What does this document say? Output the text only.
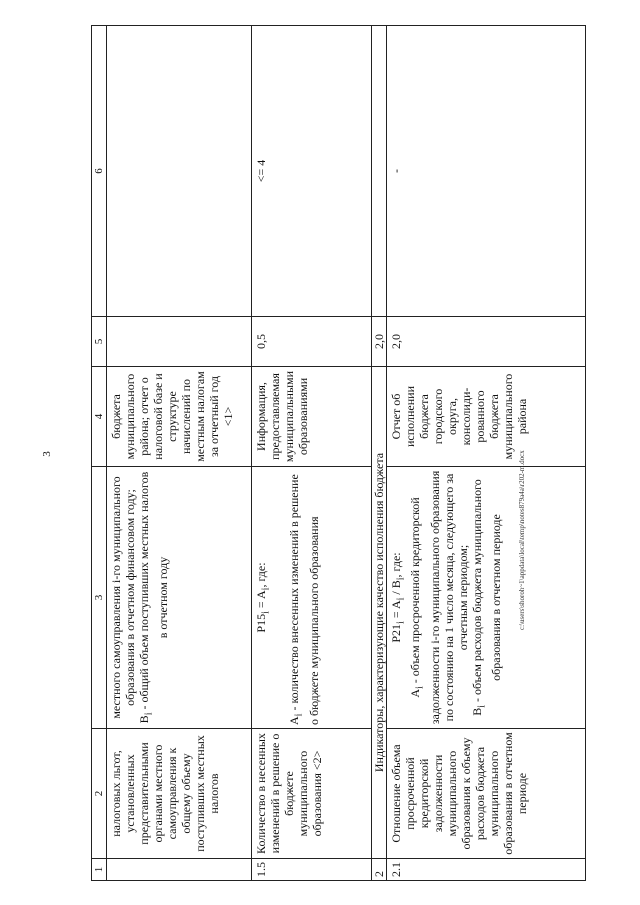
3	c:\users\shoroh~1\appdata\local\temp\notes879a4a\r202-m.docx
1	2	3	4	5	6
	налоговых льгот, установленных представительными органами местного самоуправления к общему объему поступивших местных налогов	местного самоуправления i-го муниципального образования в отчетном финансовом году;
$B_i$ - общий объем поступивших местных налогов в отчетном году	бюджета муниципального района; отчет о налоговой базе и структуре начислений по местным налогам за отчетный год <1>		
1.5	Количество в несенных изменений в решение о бюджете муниципального образования <2>	$P15_i = A_i$, где:
$A_i$ - количество внесенных изменений в решение о бюджете муниципального образования	Информация, предоставляемая муниципальными образованиями	0,5	<= 4
2	Индикаторы, характеризующие качество исполнения бюджета			2,0	
2.1	Отношение объема просроченной кредиторской задолженности муниципального образования к объему расходов бюджета муниципального образования в отчетном периоде	$P21_i = A_i / B_i$, где:
$A_i$ - объем просроченной кредиторской задолженности i-го муниципального образования по состоянию на 1 число месяца, следующего за отчетным периодом;
$B_i$ - объем расходов бюджета муниципального образования в отчетном периоде	Отчет об исполнении бюджета городского округа, консолиди-рованного бюджета муниципального района	2,0	-
